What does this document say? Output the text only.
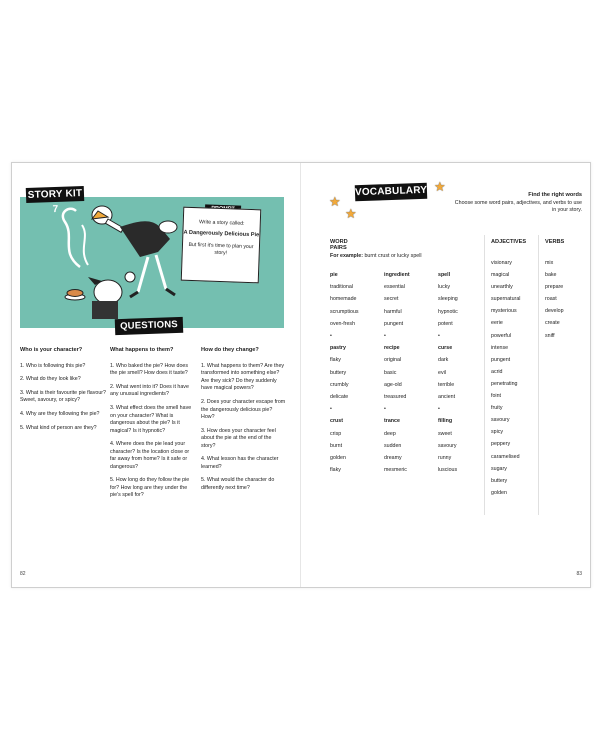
STORY KIT 7
Write a story called:
A Dangerously Delicious Pie
But first it's time to plan your story!
QUESTIONS
Who is your character?

1. Who is following this pie?

2. What do they look like?

3. What is their favourite pie flavour? Sweet, savoury, or spicy?

4. Why are they following the pie?

5. What kind of person are they?

What happens to them?

1. Who baked the pie? How does the pie smell? How does it taste?

2. What went into it? Does it have any unusual ingredients?

3. What effect does the smell have on your character? What is dangerous about the pie? Is it magical? Is it hypnotic?

4. Where does the pie lead your character? Is the location close or far away from home? Is it safe or dangerous?

5. How long do they follow the pie for? How long are they under the pie's spell for?

How do they change?

1. What happens to them? Are they transformed into something else? Are they sick? Do they suddenly have magical powers?

2. Does your character escape from the dangerously delicious pie? How?

3. How does your character feel about the pie at the end of the story?

4. What lesson has the character learned?

5. What would the character do differently next time?

82
★
★
★
VOCABULARY	Find the right words
Choose some word pairs, adjectives, and verbs to use in your story.
WORD PAIRS
For example: burnt crust or lucky spell
pie
traditional
homemade
scrumptious
oven-fresh
•
pastry
flaky
buttery
crumbly
delicate
•
crust
crisp
burnt
golden
flaky
ingredient
essential
secret
harmful
pungent
•
recipe
original
basic
age-old
treasured
•
trance
deep
sudden
dreamy
mesmeric
spell
lucky
sleeping
hypnotic
potent
•
curse
dark
evil
terrible
ancient
•
filling
sweet
savoury
runny
luscious
ADJECTIVES
visionary
magical
unearthly
supernatural
mysterious
eerie
powerful
intense
pungent
acrid
penetrating
foint
fruity
savoury
spicy
peppery
caramelised
sugary
buttery
golden
VERBS
mix
bake
prepare
roast
develop
create
sniff
83
